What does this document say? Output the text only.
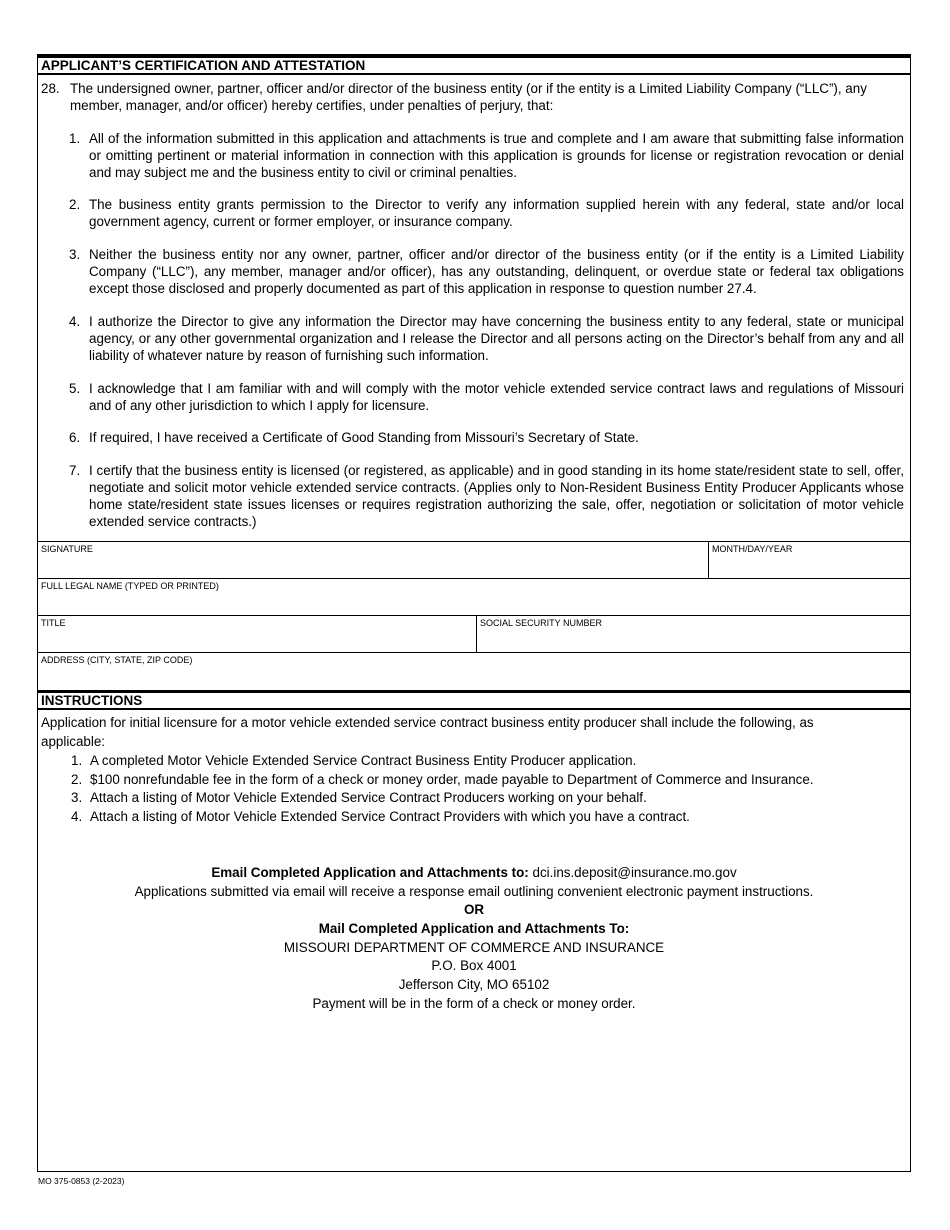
APPLICANT’S CERTIFICATION AND ATTESTATION
28. The undersigned owner, partner, officer and/or director of the business entity (or if the entity is a Limited Liability Company (“LLC”), any
member, manager, and/or officer) hereby certifies, under penalties of perjury, that:
1. All of the information submitted in this application and attachments is true and complete and I am aware that submitting false information or omitting pertinent or material information in connection with this application is grounds for license or registration revocation or denial and may subject me and the business entity to civil or criminal penalties.
2. The business entity grants permission to the Director to verify any information supplied herein with any federal, state and/or local government agency, current or former employer, or insurance company.
3. Neither the business entity nor any owner, partner, officer and/or director of the business entity (or if the entity is a Limited Liability Company (“LLC”), any member, manager and/or officer), has any outstanding, delinquent, or overdue state or federal tax obligations except those disclosed and properly documented as part of this application in response to question number 27.4.
4. I authorize the Director to give any information the Director may have concerning the business entity to any federal, state or municipal agency, or any other governmental organization and I release the Director and all persons acting on the Director’s behalf from any and all liability of whatever nature by reason of furnishing such information.
5. I acknowledge that I am familiar with and will comply with the motor vehicle extended service contract laws and regulations of Missouri and of any other jurisdiction to which I apply for licensure.
6. If required, I have received a Certificate of Good Standing from Missouri’s Secretary of State.
7. I certify that the business entity is licensed (or registered, as applicable) and in good standing in its home state/resident state to sell, offer, negotiate and solicit motor vehicle extended service contracts. (Applies only to Non-Resident Business Entity Producer Applicants whose home state/resident state issues licenses or requires registration authorizing the sale, offer, negotiation or solicitation of motor vehicle extended service contracts.)
SIGNATURE	MONTH/DAY/YEAR
FULL LEGAL NAME (TYPED OR PRINTED)
TITLE	SOCIAL SECURITY NUMBER
ADDRESS (CITY, STATE, ZIP CODE)
INSTRUCTIONS
Application for initial licensure for a motor vehicle extended service contract business entity producer shall include the following, as applicable:
1. A completed Motor Vehicle Extended Service Contract Business Entity Producer application.
2. $100 nonrefundable fee in the form of a check or money order, made payable to Department of Commerce and Insurance.
3. Attach a listing of Motor Vehicle Extended Service Contract Producers working on your behalf.
4. Attach a listing of Motor Vehicle Extended Service Contract Providers with which you have a contract.
Email Completed Application and Attachments to: dci.ins.deposit@insurance.mo.gov
Applications submitted via email will receive a response email outlining convenient electronic payment instructions.
OR
Mail Completed Application and Attachments To:
MISSOURI DEPARTMENT OF COMMERCE AND INSURANCE
P.O. Box 4001
Jefferson City, MO 65102
Payment will be in the form of a check or money order.
MO 375-0853 (2-2023)
